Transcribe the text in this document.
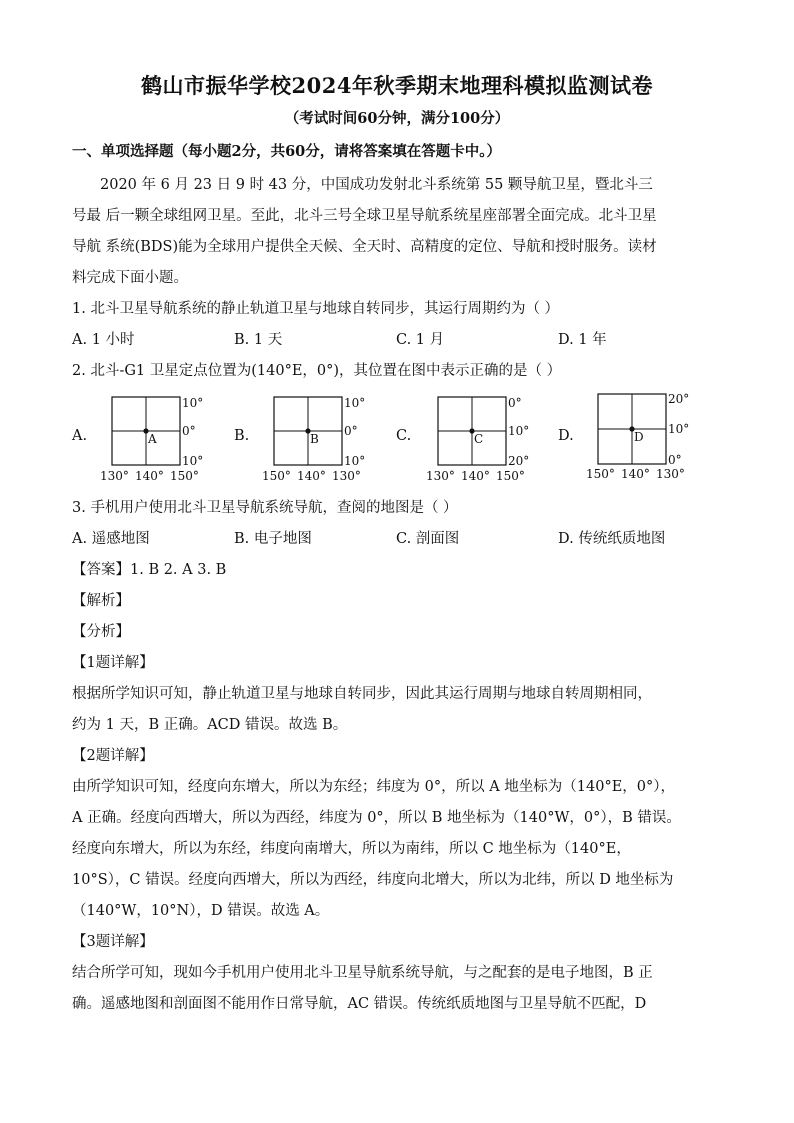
鹤山市振华学校2024年秋季期末地理科模拟监测试卷
（考试时间60分钟，满分100分）
一、单项选择题（每小题2分，共60分，请将答案填在答题卡中。）
2020 年 6 月 23 日 9 时 43 分，中国成功发射北斗系统第 55 颗导航卫星，暨北斗三
号最 后一颗全球组网卫星。至此，北斗三号全球卫星导航系统星座部署全面完成。北斗卫星
导航 系统(BDS)能为全球用户提供全天候、全天时、高精度的定位、导航和授时服务。读材
料完成下面小题。
1. 北斗卫星导航系统的静止轨道卫星与地球自转同步，其运行周期约为（ ）
A. 1 小时	B. 1 天	C. 1 月	D. 1 年
2. 北斗-G1 卫星定点位置为(140°E，0°)，其位置在图中表示正确的是（ ）
A.	A
10°
0°
10°
130° 140° 150°
B.	B
10°
0°
10°
150° 140° 130°
C.	C
0°
10°
20°
130° 140° 150°
D.	D
20°
10°
0°
150° 140° 130°
3. 手机用户使用北斗卫星导航系统导航，查阅的地图是（ ）
A. 遥感地图	B. 电子地图	C. 剖面图	D. 传统纸质地图
【答案】1. B 2. A 3. B
【解析】
【分析】
【1题详解】
根据所学知识可知，静止轨道卫星与地球自转同步，因此其运行周期与地球自转周期相同，
约为 1 天，B 正确。ACD 错误。故选 B。
【2题详解】
由所学知识可知，经度向东增大，所以为东经；纬度为 0°，所以 A 地坐标为（140°E，0°），
A 正确。经度向西增大，所以为西经，纬度为 0°，所以 B 地坐标为（140°W，0°），B 错误。
经度向东增大，所以为东经，纬度向南增大，所以为南纬，所以 C 地坐标为（140°E，
10°S），C 错误。经度向西增大，所以为西经，纬度向北增大，所以为北纬，所以 D 地坐标为
（140°W，10°N），D 错误。故选 A。
【3题详解】
结合所学可知，现如今手机用户使用北斗卫星导航系统导航，与之配套的是电子地图，B 正
确。遥感地图和剖面图不能用作日常导航，AC 错误。传统纸质地图与卫星导航不匹配，D
